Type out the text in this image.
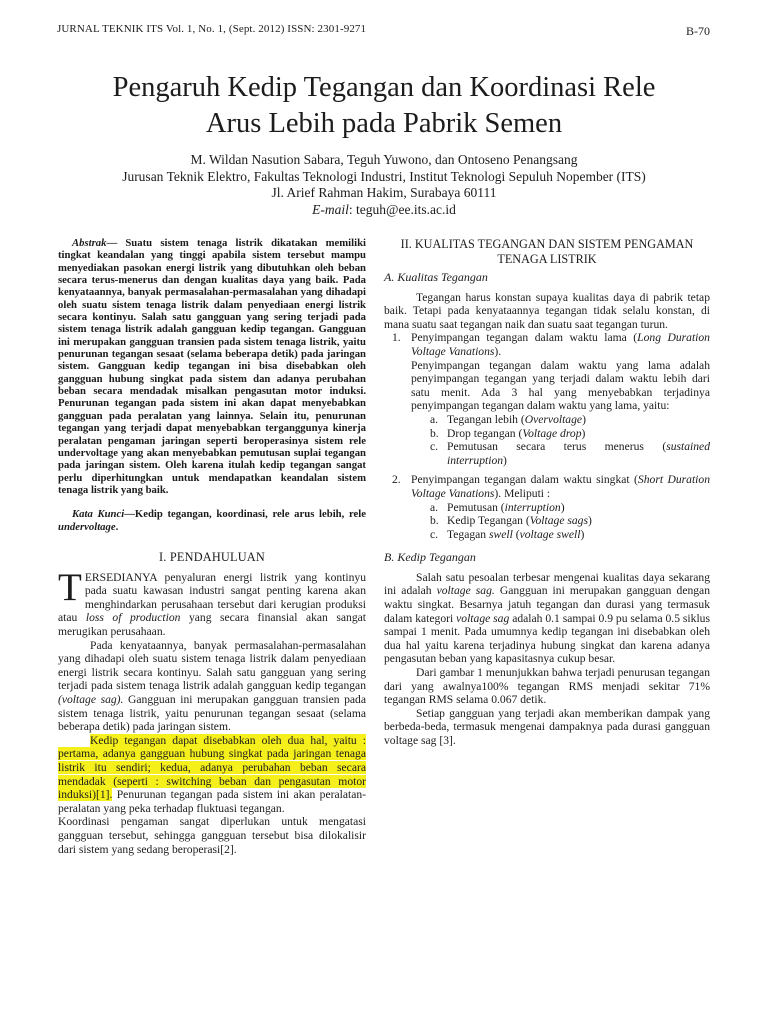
JURNAL TEKNIK ITS Vol. 1, No. 1, (Sept. 2012) ISSN: 2301-9271	B-70
Pengaruh Kedip Tegangan dan Koordinasi Rele
Arus Lebih pada Pabrik Semen
M. Wildan Nasution Sabara, Teguh Yuwono, dan Ontoseno Penangsang
Jurusan Teknik Elektro, Fakultas Teknologi Industri, Institut Teknologi Sepuluh Nopember (ITS)
Jl. Arief Rahman Hakim, Surabaya 60111
E-mail: teguh@ee.its.ac.id

Abstrak— Suatu sistem tenaga listrik dikatakan memiliki tingkat keandalan yang tinggi apabila sistem tersebut mampu menyediakan pasokan energi listrik yang dibutuhkan oleh beban secara terus-menerus dan dengan kualitas daya yang baik. Pada kenyataannya, banyak permasalahan-permasalahan yang dihadapi oleh suatu sistem tenaga listrik dalam penyediaan energi listrik secara kontinyu. Salah satu gangguan yang sering terjadi pada sistem tenaga listrik adalah gangguan kedip tegangan. Gangguan ini merupakan gangguan transien pada sistem tenaga listrik, yaitu penurunan tegangan sesaat (selama beberapa detik) pada jaringan sistem. Gangguan kedip tegangan ini bisa disebabkan oleh gangguan hubung singkat pada sistem dan adanya perubahan beban secara mendadak misalkan pengasutan motor induksi. Penurunan tegangan pada sistem ini akan dapat menyebabkan gangguan pada peralatan yang lainnya. Selain itu, penurunan tegangan yang terjadi dapat menyebabkan terganggunya kinerja peralatan pengaman jaringan seperti beroperasinya sistem rele undervoltage yang akan menyebabkan pemutusan suplai tegangan pada jaringan sistem. Oleh karena itulah kedip tegangan sangat perlu diperhitungkan untuk mendapatkan keandalan sistem tenaga listrik yang baik.

Kata Kunci—Kedip tegangan, koordinasi, rele arus lebih, rele undervoltage.

I. PENDAHULUAN

TERSEDIANYA penyaluran energi listrik yang kontinyu pada suatu kawasan industri sangat penting karena akan menghindarkan perusahaan tersebut dari kerugian produksi atau loss of production yang secara finansial akan sangat merugikan perusahaan.

Pada kenyataannya, banyak permasalahan-permasalahan yang dihadapi oleh suatu sistem tenaga listrik dalam penyediaan energi listrik secara kontinyu. Salah satu gangguan yang sering terjadi pada sistem tenaga listrik adalah gangguan kedip tegangan (voltage sag). Gangguan ini merupakan gangguan transien pada sistem tenaga listrik, yaitu penurunan tegangan sesaat (selama beberapa detik) pada jaringan sistem.

Kedip tegangan dapat disebabkan oleh dua hal, yaitu : pertama, adanya gangguan hubung singkat pada jaringan tenaga listrik itu sendiri; kedua, adanya perubahan beban secara mendadak (seperti : switching beban dan pengasutan motor induksi)[1]. Penurunan tegangan pada sistem ini akan peralatan-peralatan yang peka terhadap fluktuasi tegangan.

Koordinasi pengaman sangat diperlukan untuk mengatasi gangguan tersebut, sehingga gangguan tersebut bisa dilokalisir dari sistem yang sedang beroperasi[2].

II. KUALITAS TEGANGAN DAN SISTEM PENGAMAN
TENAGA LISTRIK

A. Kualitas Tegangan

Tegangan harus konstan supaya kualitas daya di pabrik tetap baik. Tetapi pada kenyataannya tegangan tidak selalu konstan, di mana suatu saat tegangan naik dan suatu saat tegangan turun.

1. Penyimpangan tegangan dalam waktu lama (Long Duration Voltage Vanations).
Penyimpangan tegangan dalam waktu yang lama adalah penyimpangan tegangan yang terjadi dalam waktu lebih dari satu menit. Ada 3 hal yang menyebabkan terjadinya penyimpangan tegangan dalam waktu yang lama, yaitu:
a. Tegangan lebih (Overvoltage)
b. Drop tegangan (Voltage drop)
c. Pemutusan secara terus menerus (sustained interruption)
2. Penyimpangan tegangan dalam waktu singkat (Short Duration Voltage Vanations). Meliputi :
a. Pemutusan (interruption)
b. Kedip Tegangan (Voltage sags)
c. Tegagan swell (voltage swell)

B. Kedip Tegangan

Salah satu pesoalan terbesar mengenai kualitas daya sekarang ini adalah voltage sag. Gangguan ini merupakan gangguan dengan waktu singkat. Besarnya jatuh tegangan dan durasi yang termasuk dalam kategori voltage sag adalah 0.1 sampai 0.9 pu selama 0.5 siklus sampai 1 menit. Pada umumnya kedip tegangan ini disebabkan oleh dua hal yaitu karena terjadinya hubung singkat dan karena adanya pengasutan beban yang kapasitasnya cukup besar.

Dari gambar 1 menunjukkan bahwa terjadi penurusan tegangan dari yang awalnya100% tegangan RMS menjadi sekitar 71% tegangan RMS selama 0.067 detik.

Setiap gangguan yang terjadi akan memberikan dampak yang berbeda-beda, termasuk mengenai dampaknya pada durasi gangguan voltage sag [3].
